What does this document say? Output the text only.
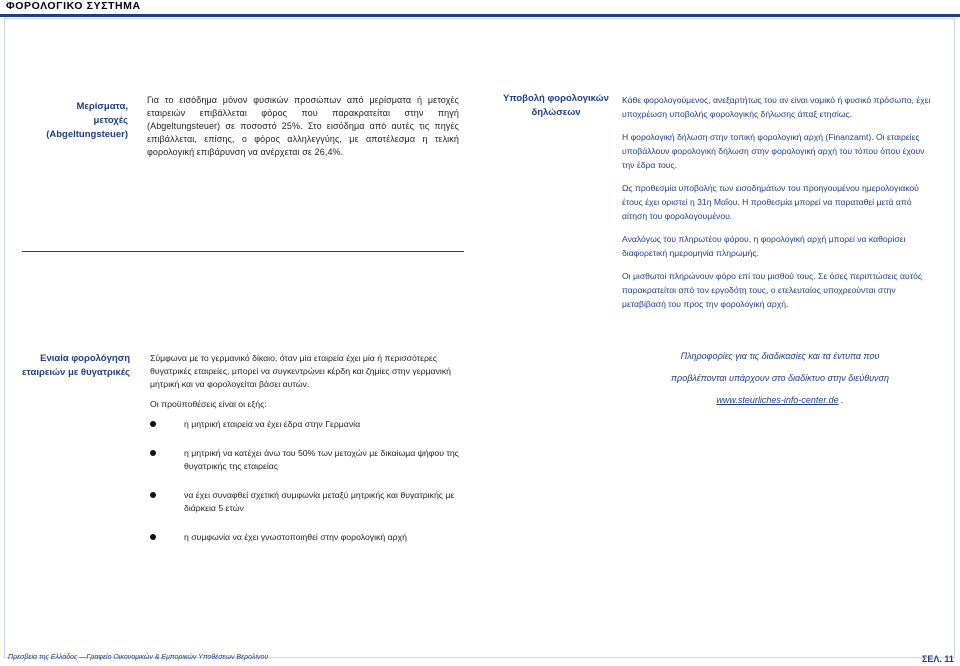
ΦΟΡΟΛΟΓΙΚΟ ΣΥΣΤΗΜΑ
Μερίσματα, μετοχές
(Abgeltungsteuer)
Για το εισόδημα μόνον φυσικών προσώπων από μερίσματα ή μετοχές εταιρειών επιβάλλεται φόρος που παρακρατείται στην πηγή (Abgeltungsteuer) σε ποσοστό 25%. Στο εισόδημα από αυτές τις πηγές επιβάλλεται, επίσης, ο φόρος αλληλεγγύης, με αποτέλεσμα η τελική φορολογική επιβάρυνση να ανέρχεται σε 26,4%.
Υποβολή φορολογικών
δηλώσεων

Κάθε φορολογούμενος, ανεξαρτήτως του αν είναι νομικό ή φυσικό πρόσωπο, έχει υποχρέωση υποβολής φορολογικής δήλωσης άπαξ ετησίως.

Η φορολογική δήλωση στην τοπική φορολογική αρχή (Finanzamt). Οι εταιρείες υποβάλλουν φορολογική δήλωση στην φορολογική αρχή του τόπου όπου έχουν την έδρα τους.

Ως προθεσμία υποβολής των εισοδημάτων του προηγουμένου ημερολογιακού έτους έχει οριστεί η 31η Μαΐου. Η προθεσμία μπορεί να παραταθεί μετά από αίτηση του φορολογουμένου.

Αναλόγως του πληρωτέου φόρου, η φορολογική αρχή μπορεί να καθορίσει διαφορετική ημερομηνία πληρωμής.

Οι μισθωτοί πληρώνουν φόρο επί του μισθού τους. Σε όσες περιπτώσεις αυτός παρακρατείται από τον εργοδότη τους, ο ετελευταίος υποχρεούνται στην μεταβίβασή του προς την φορολογική αρχή.

Ενιαία φορολόγηση
εταιρειών με θυγατρικές

Σύμφωνα με το γερμανικό δίκαιο, όταν μία εταιρεία έχει μία ή περισσότερες θυγατρικές εταιρείες, μπορεί να συγκεντρώνει κέρδη και ζημίες στην γερμανική μητρική και να φορολογείται βάσει αυτών.

Οι προϋποθέσεις είναι οι εξής:

η μητρική εταιρεία να έχει έδρα στην Γερμανία
η μητρική να κατέχει άνω του 50% των μετοχών με δικαίωμα ψήφου της θυγατρικής της εταιρείας
να έχει συναφθεί σχετική συμφωνία μεταξύ μητρικής και θυγατρικής με διάρκεια 5 ετών
η συμφωνία να έχει γνωστοποιηθεί στην φορολογική αρχή

Πληροφορίες για τις διαδικασίες και τα έντυπα που

προβλέπονται υπάρχουν στο διαδίκτυο στην διεύθυνση

www.steurliches-info-center.de .

Πρεσβεία της Ελλάδος —Γραφείο Οικονομικών & Εμπορικών Υποθέσεων Βερολίνου	ΣΕΛ. 11
